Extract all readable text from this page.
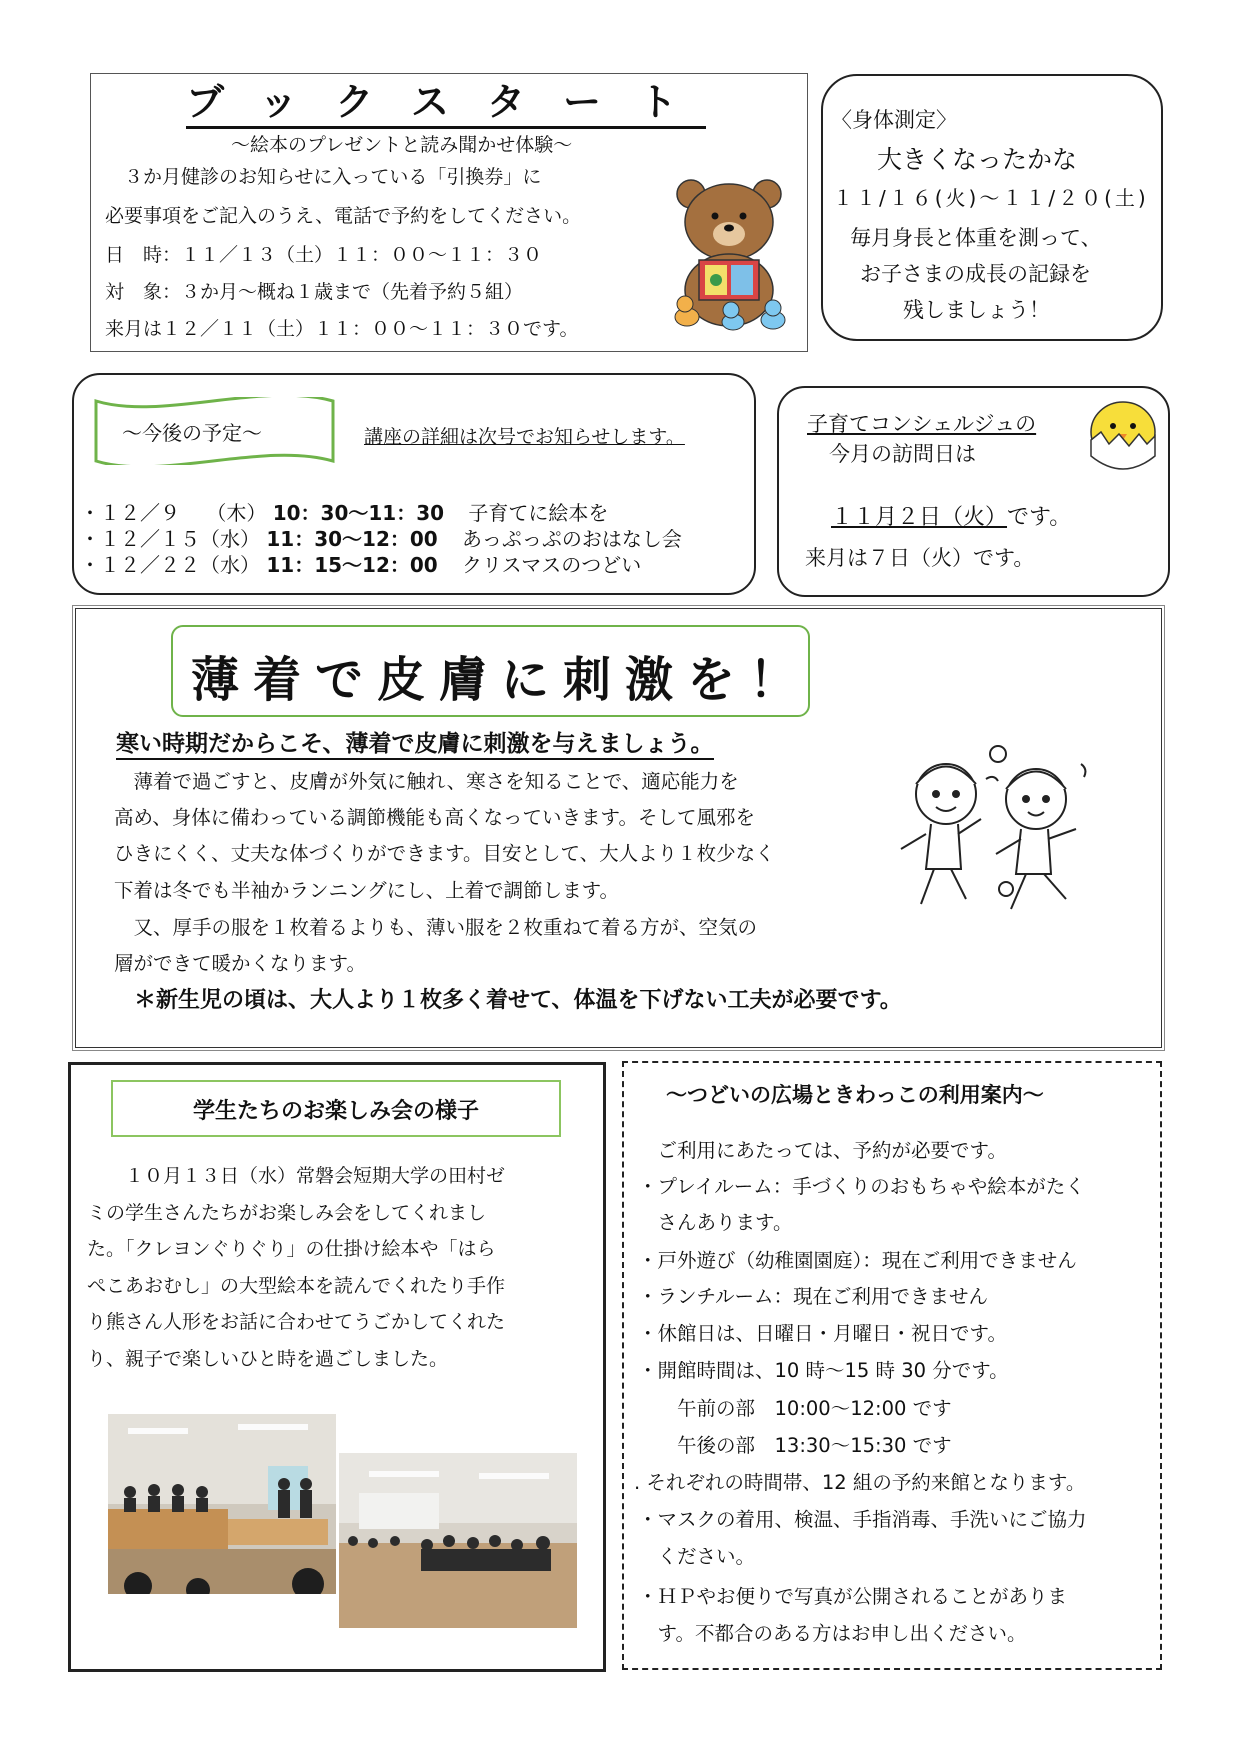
ブックスタート
～絵本のプレゼントと読み聞かせ体験～
　３か月健診のお知らせに入っている「引換券」に
必要事項をご記入のうえ、電話で予約をしてください。
日　時：１１／１３（土）１１：００～１１：３０
対　象：３か月～概ね１歳まで（先着予約５組）
来月は１２／１１（土）１１：００～１１：３０です。
〈身体測定〉
大きくなったかな
１１/１６(火)～１１/２０(土)
毎月身長と体重を測って、
お子さまの成長の記録を
残しましょう！
～今後の予定～	講座の詳細は次号でお知らせします。
・１２／９　 （木） 10：30～11：30 子育てに絵本を
・１２／１５（水） 11：30～12：00 あっぷっぷのおはなし会
・１２／２２（水） 11：15～12：00 クリスマスのつどい
子育てコンシェルジュの
今月の訪問日は
１１月２日（火）です。
来月は７日（火）です。
薄着で皮膚に刺激を！
寒い時期だからこそ、薄着で皮膚に刺激を与えましょう。
　薄着で過ごすと、皮膚が外気に触れ、寒さを知ることで、適応能力を
高め、身体に備わっている調節機能も高くなっていきます。そして風邪を
ひきにくく、丈夫な体づくりができます。目安として、大人より１枚少なく
下着は冬でも半袖かランニングにし、上着で調節します。
　又、厚手の服を１枚着るよりも、薄い服を２枚重ねて着る方が、空気の
層ができて暖かくなります。
＊新生児の頃は、大人より１枚多く着せて、体温を下げない工夫が必要です。
学生たちのお楽しみ会の様子
　　１０月１３日（水）常磐会短期大学の田村ゼ
ミの学生さんたちがお楽しみ会をしてくれまし
た。「クレヨンぐりぐり」の仕掛け絵本や「はら
ぺこあおむし」の大型絵本を読んでくれたり手作
り熊さん人形をお話に合わせてうごかしてくれた
り、親子で楽しいひと時を過ごしました。
～つどいの広場ときわっこの利用案内～
　ご利用にあたっては、予約が必要です。
・プレイルーム：手づくりのおもちゃや絵本がたく
　さんあります。
・戸外遊び（幼稚園園庭）：現在ご利用できません
・ランチルーム：現在ご利用できません
・休館日は、日曜日・月曜日・祝日です。
・開館時間は、10 時～15 時 30 分です。
　　午前の部　10:00～12:00 です
　　午後の部　13:30～15:30 です
. それぞれの時間帯、12 組の予約来館となります。
・マスクの着用、検温、手指消毒、手洗いにご協力
　ください。
・ＨＰやお便りで写真が公開されることがありま
　す。不都合のある方はお申し出ください。
